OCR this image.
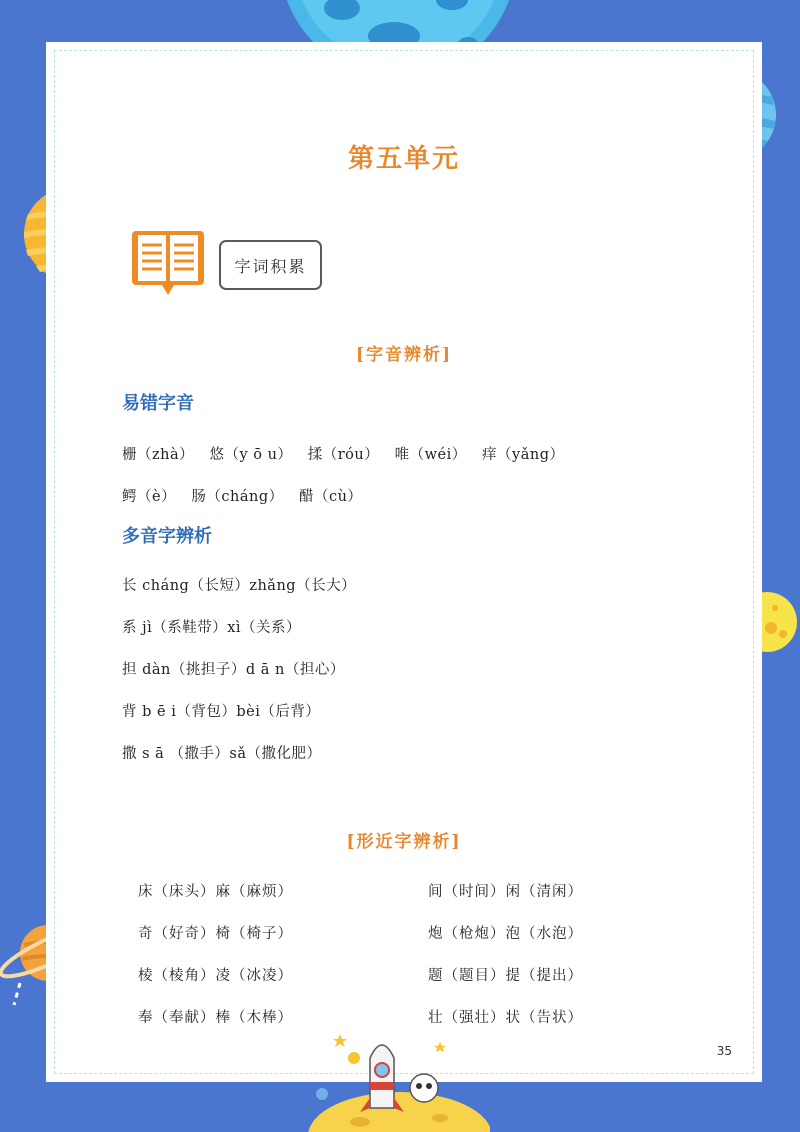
第五单元
字词积累
[字音辨析]
易错字音
栅（zhà）   悠（y ō u）   揉（róu）   唯（wéi）   痒（yǎng）
鳄（è）   肠（cháng）   醋（cù）
多音字辨析
长 cháng（长短）zhǎng（长大）
系 jì（系鞋带）xì（关系）
担 dàn（挑担子）d ā n（担心）
背 b ē i（背包）bèi（后背）
撒 s ā （撒手）sǎ（撒化肥）
[形近字辨析]
床（床头）麻（麻烦）
奇（好奇）椅（椅子）
棱（棱角）凌（冰凌）
奉（奉献）棒（木棒）
间（时间）闲（清闲）
炮（枪炮）泡（水泡）
题（题目）提（提出）
壮（强壮）状（告状）
35
